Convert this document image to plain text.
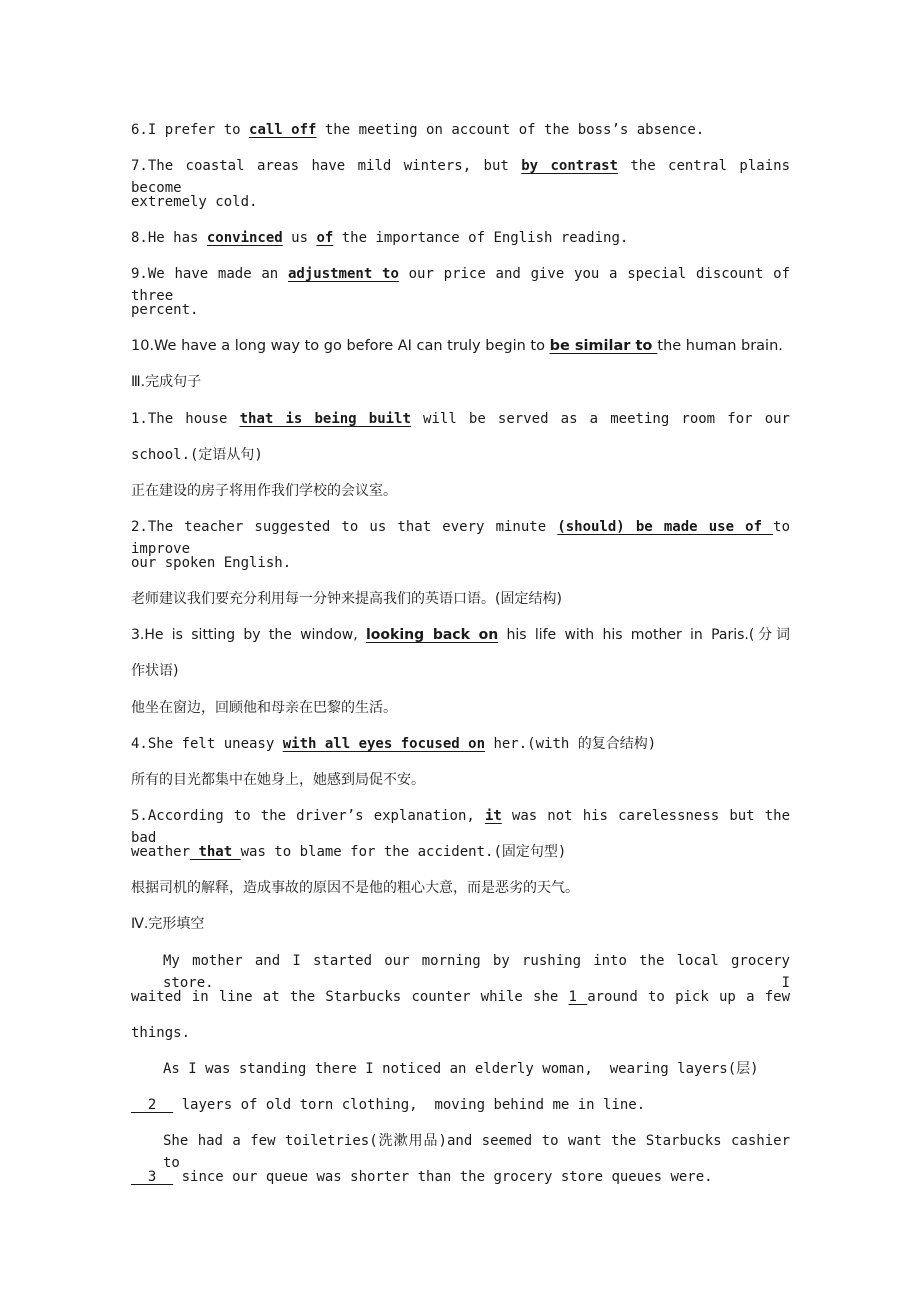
6.I prefer to call off the meeting on account of the boss’s absence.
7.The coastal areas have mild winters, but by contrast the central plains become
extremely cold.
8.He has convinced us of the importance of English reading.
9.We have made an adjustment to our price and give you a special discount of three
percent.
10.We have a long way to go before AI can truly begin to be similar to the human brain.
Ⅲ.完成句子
1.The house that is being built will be served as a meeting room for our
school.(定语从句)
正在建设的房子将用作我们学校的会议室。
2.The teacher suggested to us that every minute (should) be made use of to improve
our spoken English.
老师建议我们要充分利用每一分钟来提高我们的英语口语。(固定结构)
3.He is sitting by the window, looking back on his life with his mother in Paris.(分词
作状语)
他坐在窗边，回顾他和母亲在巴黎的生活。
4.She felt uneasy with all eyes focused on her.(with 的复合结构)
所有的目光都集中在她身上，她感到局促不安。
5.According to the driver’s explanation, it was not his carelessness but the bad
weather that was to blame for the accident.(固定句型)
根据司机的解释，造成事故的原因不是他的粗心大意，而是恶劣的天气。
Ⅳ.完形填空
My mother and I started our morning by rushing into the local grocery store. I
waited in line at the Starbucks counter while she 1 around to pick up a few
things.
As I was standing there I noticed an elderly woman,  wearing layers(层)
2   layers of old torn clothing,  moving behind me in line.
She had a few toiletries(洗漱用品)and seemed to want the Starbucks cashier to
3   since our queue was shorter than the grocery store queues were.
